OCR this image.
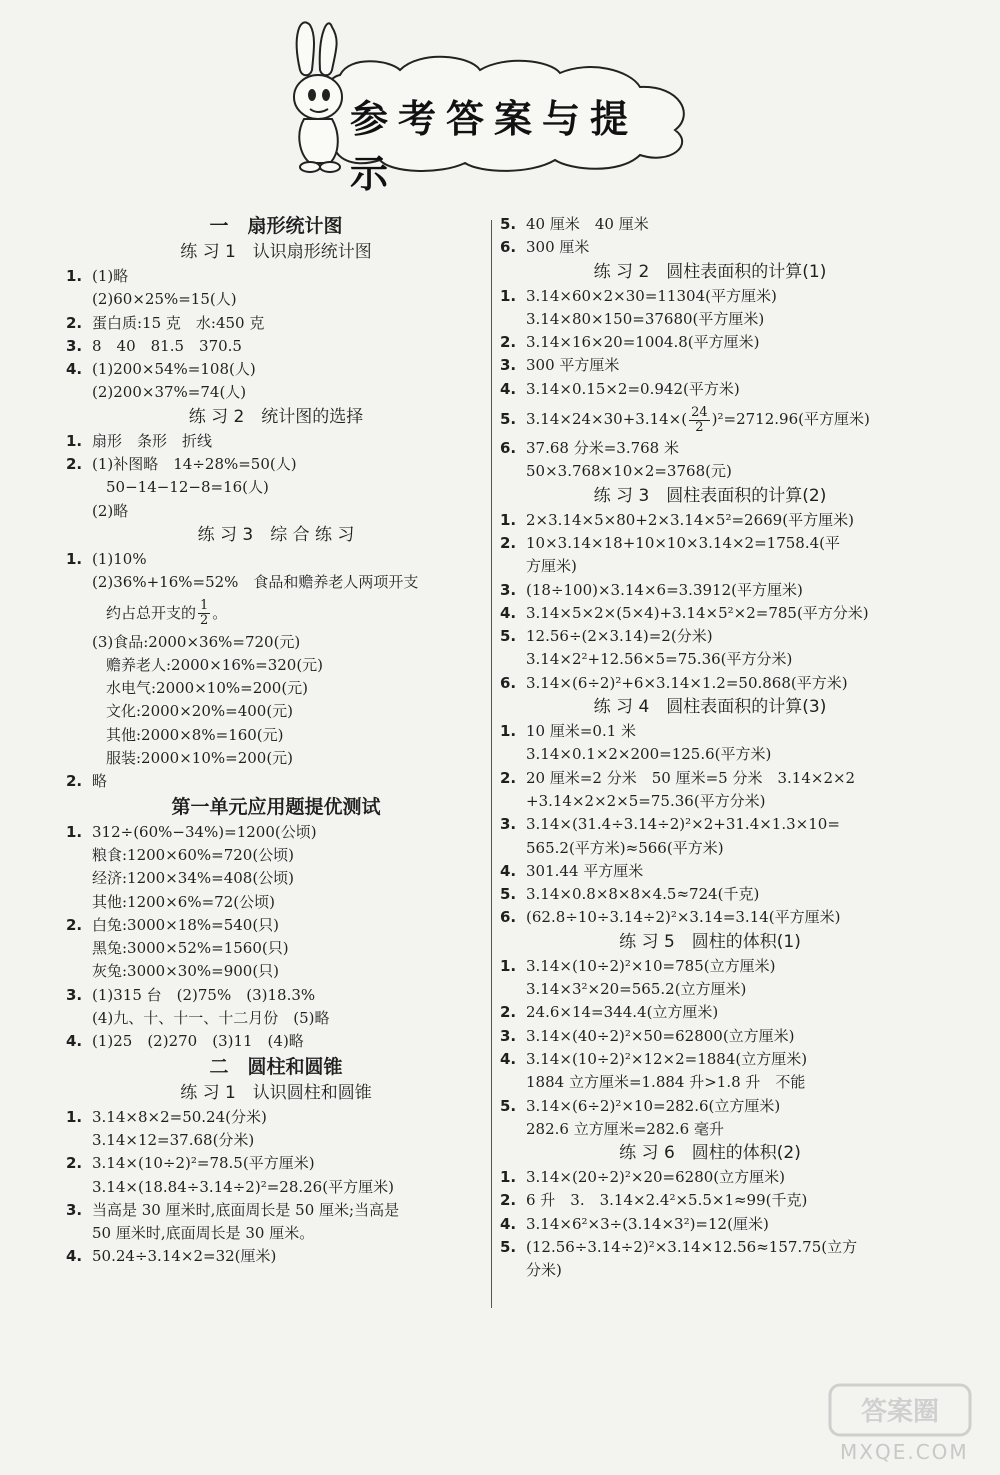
参考答案与提示
一　扇形统计图
练 习 1　认识扇形统计图
1. (1)略
(2)60×25%=15(人)
2. 蛋白质:15 克　水:450 克
3. 8　40　81.5　370.5
4. (1)200×54%=108(人)
(2)200×37%=74(人)
练 习 2　统计图的选择
1. 扇形　条形　折线
2. (1)补图略　14÷28%=50(人)
50−14−12−8=16(人)
(2)略
练 习 3　综 合 练 习
1. (1)10%
(2)36%+16%=52%　食品和赡养老人两项开支
约占总开支的 $\frac{1}{2}$ 。
(3)食品:2000×36%=720(元)
赡养老人:2000×16%=320(元)
水电气:2000×10%=200(元)
文化:2000×20%=400(元)
其他:2000×8%=160(元)
服装:2000×10%=200(元)
2. 略
第一单元应用题提优测试
1. 312÷(60%−34%)=1200(公顷)
粮食:1200×60%=720(公顷)
经济:1200×34%=408(公顷)
其他:1200×6%=72(公顷)
2. 白兔:3000×18%=540(只)
黑兔:3000×52%=1560(只)
灰兔:3000×30%=900(只)
3. (1)315 台　(2)75%　(3)18.3%
(4)九、十、十一、十二月份　(5)略
4. (1)25　(2)270　(3)11　(4)略
二　圆柱和圆锥
练 习 1　认识圆柱和圆锥
1. 3.14×8×2=50.24(分米)
3.14×12=37.68(分米)
2. 3.14×(10÷2)²=78.5(平方厘米)
3.14×(18.84÷3.14÷2)²=28.26(平方厘米)
3. 当高是 30 厘米时,底面周长是 50 厘米;当高是
50 厘米时,底面周长是 30 厘米。
4. 50.24÷3.14×2=32(厘米)
5. 40 厘米　40 厘米
6. 300 厘米
练 习 2　圆柱表面积的计算(1)
1. 3.14×60×2×30=11304(平方厘米)
3.14×80×150=37680(平方厘米)
2. 3.14×16×20=1004.8(平方厘米)
3. 300 平方厘米
4. 3.14×0.15×2=0.942(平方米)
5. $3.14\times 24\times 30+3.14\times( \frac{24}{2} )^2=2712.96$(平方厘米)
6. 37.68 分米=3.768 米
50×3.768×10×2=3768(元)
练 习 3　圆柱表面积的计算(2)
1. 2×3.14×5×80+2×3.14×5²=2669(平方厘米)
2. 10×3.14×18+10×10×3.14×2=1758.4(平
方厘米)
3. (18÷100)×3.14×6=3.3912(平方厘米)
4. 3.14×5×2×(5×4)+3.14×5²×2=785(平方分米)
5. 12.56÷(2×3.14)=2(分米)
3.14×2²+12.56×5=75.36(平方分米)
6. 3.14×(6÷2)²+6×3.14×1.2=50.868(平方米)
练 习 4　圆柱表面积的计算(3)
1. 10 厘米=0.1 米
3.14×0.1×2×200=125.6(平方米)
2. 20 厘米=2 分米　50 厘米=5 分米　3.14×2×2
+3.14×2×2×5=75.36(平方分米)
3. 3.14×(31.4÷3.14÷2)²×2+31.4×1.3×10=
565.2(平方米)≈566(平方米)
4. 301.44 平方厘米
5. 3.14×0.8×8×8×4.5≈724(千克)
6. (62.8÷10÷3.14÷2)²×3.14=3.14(平方厘米)
练 习 5　圆柱的体积(1)
1. 3.14×(10÷2)²×10=785(立方厘米)
3.14×3²×20=565.2(立方厘米)
2. 24.6×14=344.4(立方厘米)
3. 3.14×(40÷2)²×50=62800(立方厘米)
4. 3.14×(10÷2)²×12×2=1884(立方厘米)
1884 立方厘米=1.884 升>1.8 升　不能
5. 3.14×(6÷2)²×10=282.6(立方厘米)
282.6 立方厘米=282.6 毫升
练 习 6　圆柱的体积(2)
1. 3.14×(20÷2)²×20=6280(立方厘米)
2. 6 升　3.　3.14×2.4²×5.5×1≈99(千克)
4. 3.14×6²×3÷(3.14×3²)=12(厘米)
5. (12.56÷3.14÷2)²×3.14×12.56≈157.75(立方
分米)
答案圈
MXQE.COM
